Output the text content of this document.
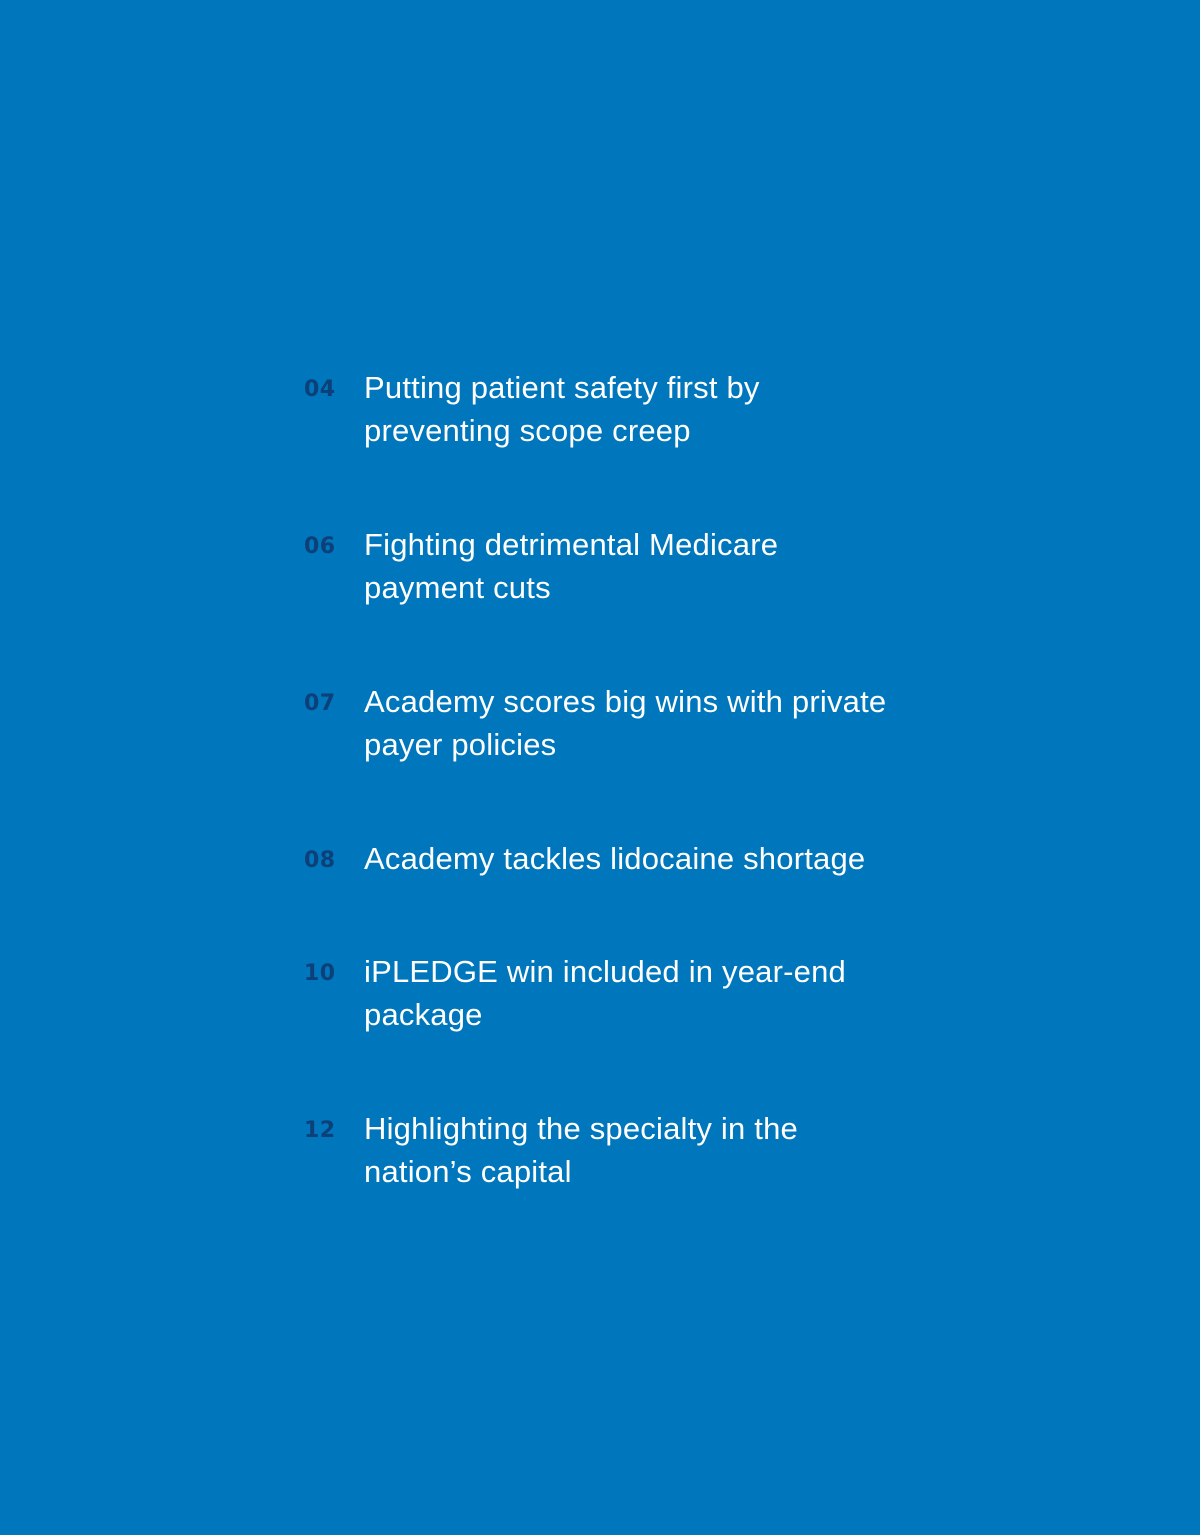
04 Putting patient safety first by
preventing scope creep
06 Fighting detrimental Medicare
payment cuts
07 Academy scores big wins with private
payer policies
08 Academy tackles lidocaine shortage
10 iPLEDGE win included in year-end
package
12 Highlighting the specialty in the
nation’s capital
